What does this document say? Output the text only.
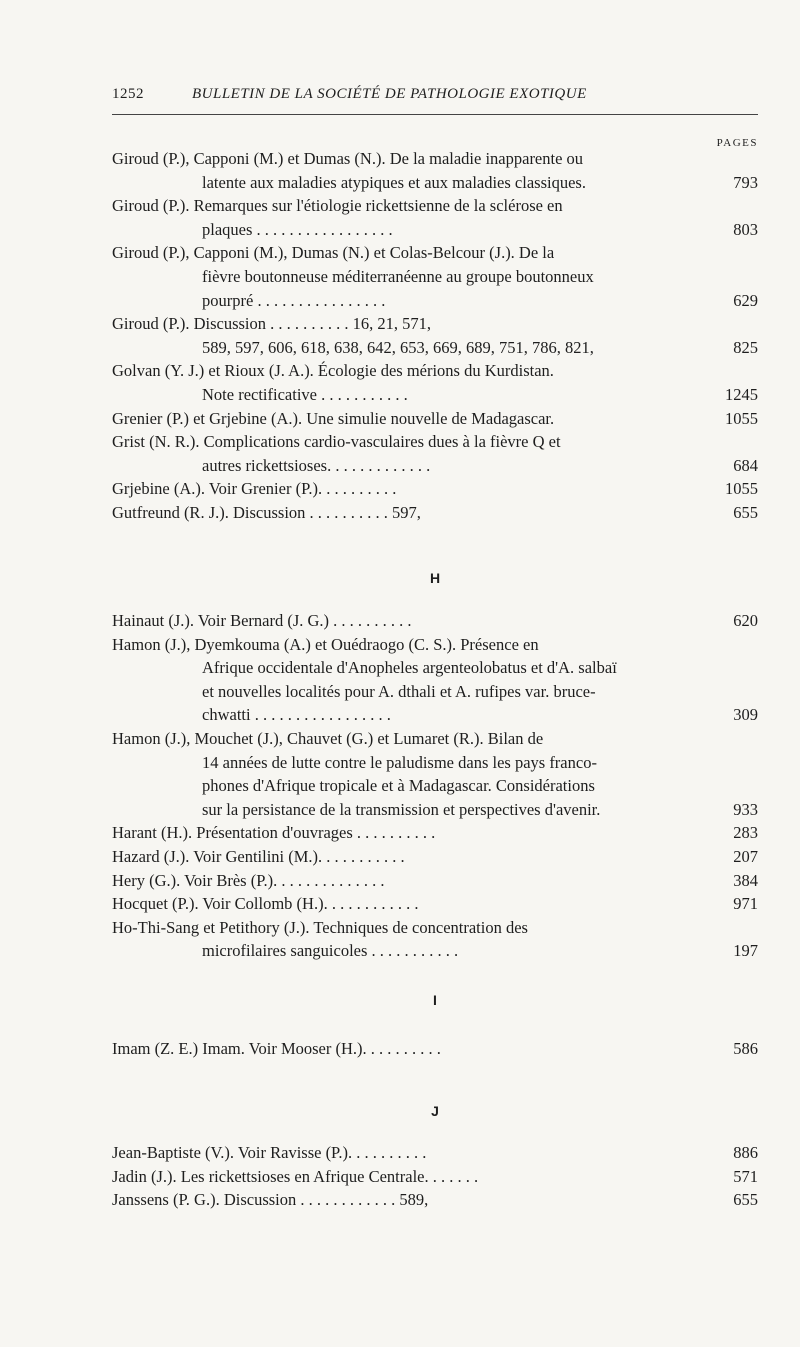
1252	BULLETIN DE LA SOCIÉTÉ DE PATHOLOGIE EXOTIQUE
PAGES
Giroud (P.), Capponi (M.) et Dumas (N.). De la maladie inapparente ou
latente aux maladies atypiques et aux maladies classiques.	793
Giroud (P.). Remarques sur l'étiologie rickettsienne de la sclérose en
plaques . . . . . . . . . . . . . . . . .	803
Giroud (P.), Capponi (M.), Dumas (N.) et Colas-Belcour (J.). De la
fièvre boutonneuse méditerranéenne au groupe boutonneux
pourpré . . . . . . . . . . . . . . . .	629
Giroud (P.). Discussion . . . . . . . . . . 16, 21, 571,
589, 597, 606, 618, 638, 642, 653, 669, 689, 751, 786, 821,	825
Golvan (Y. J.) et Rioux (J. A.). Écologie des mérions du Kurdistan.
Note rectificative . . . . . . . . . . .	1245
Grenier (P.) et Grjebine (A.). Une simulie nouvelle de Madagascar.	1055
Grist (N. R.). Complications cardio-vasculaires dues à la fièvre Q et
autres rickettsioses. . . . . . . . . . . . .	684
Grjebine (A.). Voir Grenier (P.). . . . . . . . . .	1055
Gutfreund (R. J.). Discussion . . . . . . . . . . 597,	655
H
Hainaut (J.). Voir Bernard (J. G.) . . . . . . . . . .	620
Hamon (J.), Dyemkouma (A.) et Ouédraogo (C. S.). Présence en
Afrique occidentale d'Anopheles argenteolobatus et d'A. salbaï
et nouvelles localités pour A. dthali et A. rufipes var. bruce-
chwatti . . . . . . . . . . . . . . . . .	309
Hamon (J.), Mouchet (J.), Chauvet (G.) et Lumaret (R.). Bilan de
14 années de lutte contre le paludisme dans les pays franco-
phones d'Afrique tropicale et à Madagascar. Considérations
sur la persistance de la transmission et perspectives d'avenir.	933
Harant (H.). Présentation d'ouvrages . . . . . . . . . .	283
Hazard (J.). Voir Gentilini (M.). . . . . . . . . . .	207
Hery (G.). Voir Brès (P.). . . . . . . . . . . . . .	384
Hocquet (P.). Voir Collomb (H.). . . . . . . . . . . .	971
Ho-Thi-Sang et Petithory (J.). Techniques de concentration des
microfilaires sanguicoles . . . . . . . . . . .	197
I
Imam (Z. E.) Imam. Voir Mooser (H.). . . . . . . . . .	586
J
Jean-Baptiste (V.). Voir Ravisse (P.). . . . . . . . . .	886
Jadin (J.). Les rickettsioses en Afrique Centrale. . . . . . .	571
Janssens (P. G.). Discussion . . . . . . . . . . . . 589,	655
